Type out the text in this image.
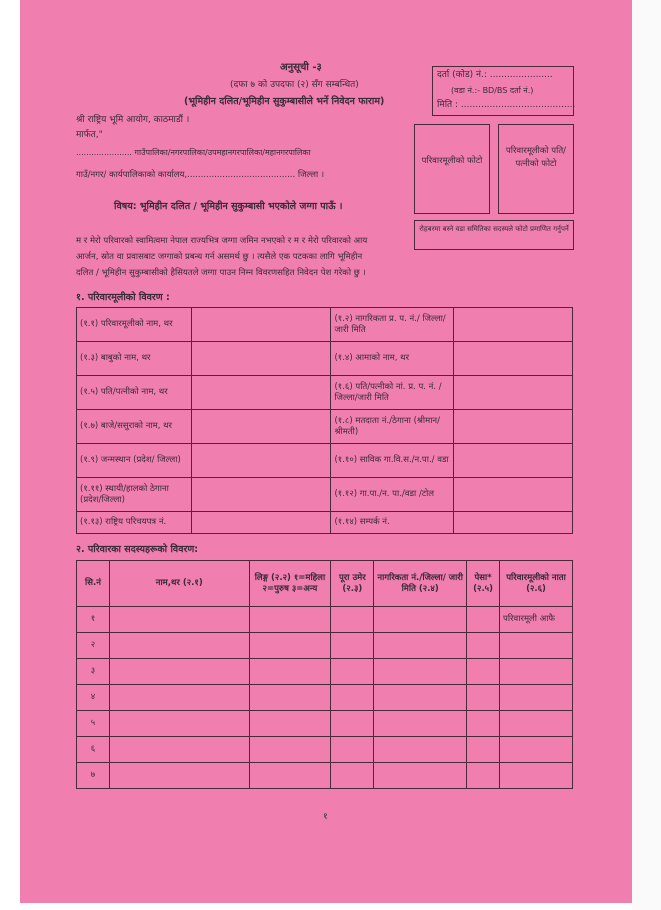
अनुसूची -३
(दफा ७ को उपदफा (२) सँग सम्बन्धित)
(भूमिहीन दलित/भूमिहीन सुकुम्बासीले भर्ने निवेदन फाराम)
दर्ता (कोड) नं.: ......................
(वडा नं.:- BD/BS दर्ता नं.)
मिति : ........................................
श्री राष्ट्रिय भूमि आयोग, काठमाडौं ।
मार्फत,"
...................... गाउँपालिका/नगरपालिका/उपमहानगरपालिका/महानगरपालिका
गाउँ/नगर/ कार्यपालिकाको कार्यालय,........................................ जिल्ला ।
परिवारमूलीको फोटो
परिवारमूलीको पति/पत्नीको फोटो
रोहबरमा बस्ने वडा समितिका सदस्यले फोटो प्रमाणित गर्नुपर्ने
विषय: भूमिहीन दलित / भूमिहीन सुकुम्बासी भएकोले जग्गा पाऊँ ।
म र मेरो परिवारको स्वामित्वमा नेपाल राज्यभित्र जग्गा जमिन नभएको र म र मेरो परिवारको आय
आर्जन, स्रोत वा प्रवासबाट जग्गाको प्रबन्ध गर्न असमर्थ छु । त्यसैले एक पटकका लागि भूमिहीन
दलित / भूमिहीन सुकुम्बासीको हैसियतले जग्गा पाउन निम्न विवरणसहित निवेदन पेश गरेको छु ।
१. परिवारमूलीको विवरण :
(१.१) परिवारमूलीको नाम, थर		(१.२) नागरिकता प्र. प. नं./ जिल्ला/जारी मिति	
(१.३) बाबुको नाम, थर		(१.४) आमाको नाम, थर	
(१.५) पति/पत्नीको नाम, थर		(१.६) पति/पत्नीको नां. प्र. प. नं. / जिल्ला/जारी मिति	
(१.७) बाजे/ससुराको नाम, थर		(१.८) मतदाता नं./ठेगाना (श्रीमान/श्रीमती)	
(१.९) जन्मस्थान (प्रदेश/ जिल्ला)		(१.१०) साविक गा.वि.स./न.पा./ वडा	
(१.११) स्थायी/हालको ठेगाना (प्रदेश/जिल्ला)		(१.१२) गा.पा./न. पा./वडा /टोल	
(१.१३) राष्ट्रिय परिचयपत्र नं.		(१.१४) सम्पर्क नं.	
२. परिवारका सदस्यहरूको विवरण:
सि.नं	नाम,थर (२.१)	लिङ्ग (२.२) १=महिला २=पुरुष ३=अन्य	पूरा उमेर (२.३)	नागरिकता नं./जिल्ला/ जारी मिति (२.४)	पेसा* (२.५)	परिवारमूलीको नाता (२.६)
१						परिवारमूली आफै
२						
३						
४						
५						
६						
७						
१
